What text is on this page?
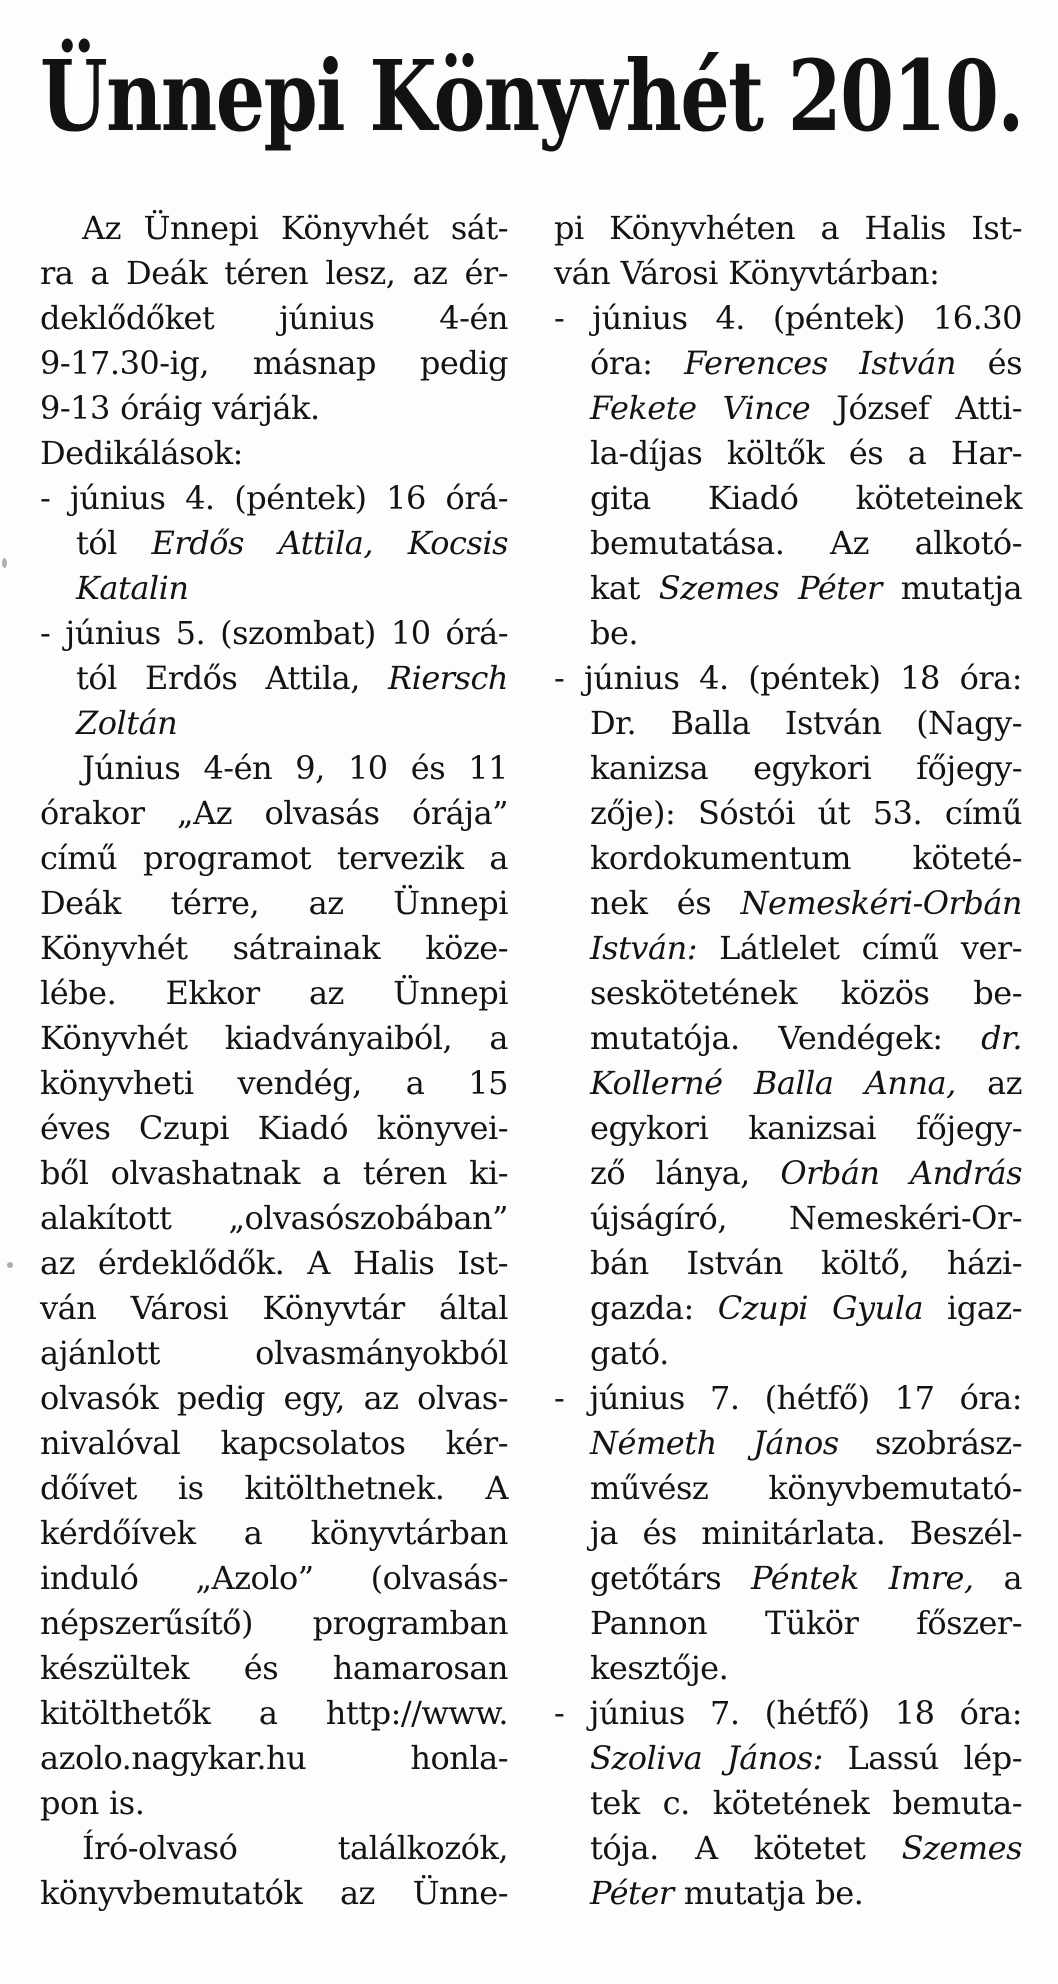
Ünnepi Könyvhét 2010.
Az Ünnepi Könyvhét sát-
ra a Deák téren lesz, az ér-
deklődőket június 4-én
9-17.30-ig, másnap pedig
9-13 óráig várják.
Dedikálások:
- június 4. (péntek) 16 órá-
tól Erdős Attila, Kocsis
Katalin
- június 5. (szombat) 10 órá-
tól Erdős Attila, Riersch
Zoltán
Június 4-én 9, 10 és 11
órakor „Az olvasás órája”
című programot tervezik a
Deák térre, az Ünnepi
Könyvhét sátrainak köze-
lébe. Ekkor az Ünnepi
Könyvhét kiadványaiból, a
könyvheti vendég, a 15
éves Czupi Kiadó könyvei-
ből olvashatnak a téren ki-
alakított „olvasószobában”
az érdeklődők. A Halis Ist-
ván Városi Könyvtár által
ajánlott olvasmányokból
olvasók pedig egy, az olvas-
nivalóval kapcsolatos kér-
dőívet is kitölthetnek. A
kérdőívek a könyvtárban
induló „Azolo” (olvasás-
népszerűsítő) programban
készültek és hamarosan
kitölthetők a http://www.
azolo.nagykar.hu honla-
pon is.
Író-olvasó találkozók,
könyvbemutatók az Ünne-
pi Könyvhéten a Halis Ist-
ván Városi Könyvtárban:
- június 4. (péntek) 16.30
óra: Ferences István és
Fekete Vince József Atti-
la-díjas költők és a Har-
gita Kiadó köteteinek
bemutatása. Az alkotó-
kat Szemes Péter mutatja
be.
- június 4. (péntek) 18 óra:
Dr. Balla István (Nagy-
kanizsa egykori főjegy-
zője): Sóstói út 53. című
kordokumentum köteté-
nek és Nemeskéri-Orbán
István: Látlelet című ver-
seskötetének közös be-
mutatója. Vendégek: dr.
Kollerné Balla Anna, az
egykori kanizsai főjegy-
ző lánya, Orbán András
újságíró, Nemeskéri-Or-
bán István költő, házi-
gazda: Czupi Gyula igaz-
gató.
- június 7. (hétfő) 17 óra:
Németh János szobrász-
művész könyvbemutató-
ja és minitárlata. Beszél-
getőtárs Péntek Imre, a
Pannon Tükör főszer-
kesztője.
- június 7. (hétfő) 18 óra:
Szoliva János: Lassú lép-
tek c. kötetének bemuta-
tója. A kötetet Szemes
Péter mutatja be.
